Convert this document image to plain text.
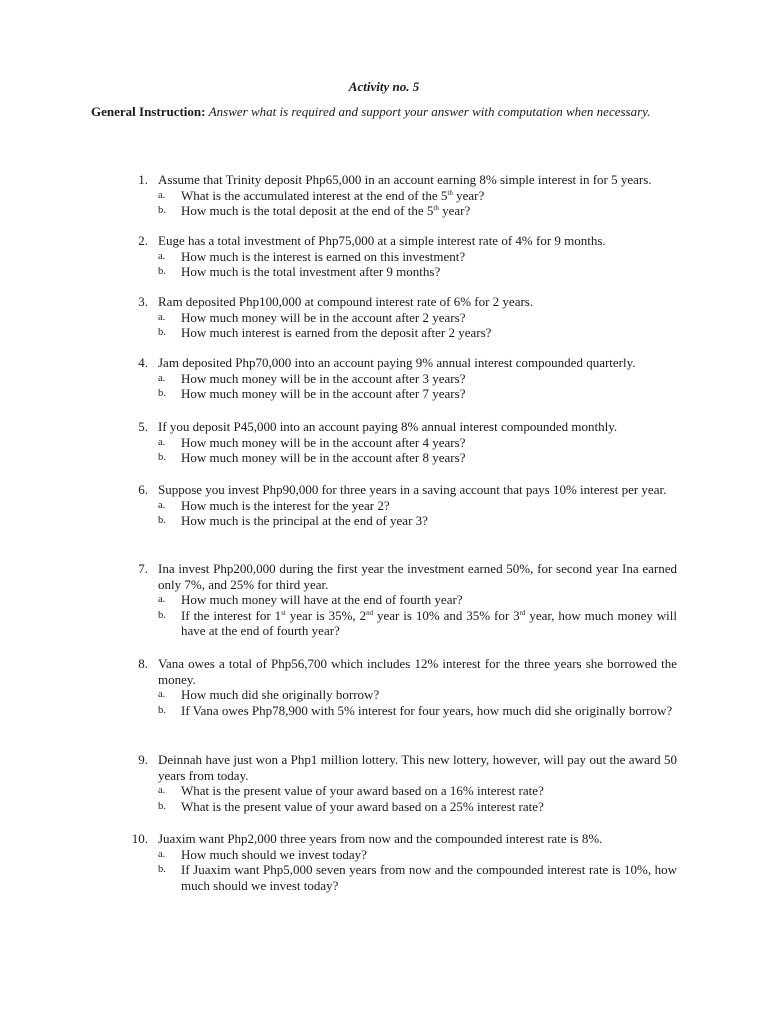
Activity no. 5
General Instruction: Answer what is required and support your answer with computation when necessary.
1. Assume that Trinity deposit Php65,000 in an account earning 8% simple interest in for 5 years.
a. What is the accumulated interest at the end of the 5th year?
b. How much is the total deposit at the end of the 5th year?
2. Euge has a total investment of Php75,000 at a simple interest rate of 4% for 9 months.
a. How much is the interest is earned on this investment?
b. How much is the total investment after 9 months?
3. Ram deposited Php100,000 at compound interest rate of 6% for 2 years.
a. How much money will be in the account after 2 years?
b. How much interest is earned from the deposit after 2 years?
4. Jam deposited Php70,000 into an account paying 9% annual interest compounded quarterly.
a. How much money will be in the account after 3 years?
b. How much money will be in the account after 7 years?
5. If you deposit P45,000 into an account paying 8% annual interest compounded monthly.
a. How much money will be in the account after 4 years?
b. How much money will be in the account after 8 years?
6. Suppose you invest Php90,000 for three years in a saving account that pays 10% interest per year.
a. How much is the interest for the year 2?
b. How much is the principal at the end of year 3?
7. Ina invest Php200,000 during the first year the investment earned 50%, for second year Ina earned only 7%, and 25% for third year.
a. How much money will have at the end of fourth year?
b. If the interest for 1st year is 35%, 2nd year is 10% and 35% for 3rd year, how much money will have at the end of fourth year?
8. Vana owes a total of Php56,700 which includes 12% interest for the three years she borrowed the money.
a. How much did she originally borrow?
b. If Vana owes Php78,900 with 5% interest for four years, how much did she originally borrow?
9. Deinnah have just won a Php1 million lottery. This new lottery, however, will pay out the award 50 years from today.
a. What is the present value of your award based on a 16% interest rate?
b. What is the present value of your award based on a 25% interest rate?
10. Juaxim want Php2,000 three years from now and the compounded interest rate is 8%.
a. How much should we invest today?
b. If Juaxim want Php5,000 seven years from now and the compounded interest rate is 10%, how much should we invest today?
